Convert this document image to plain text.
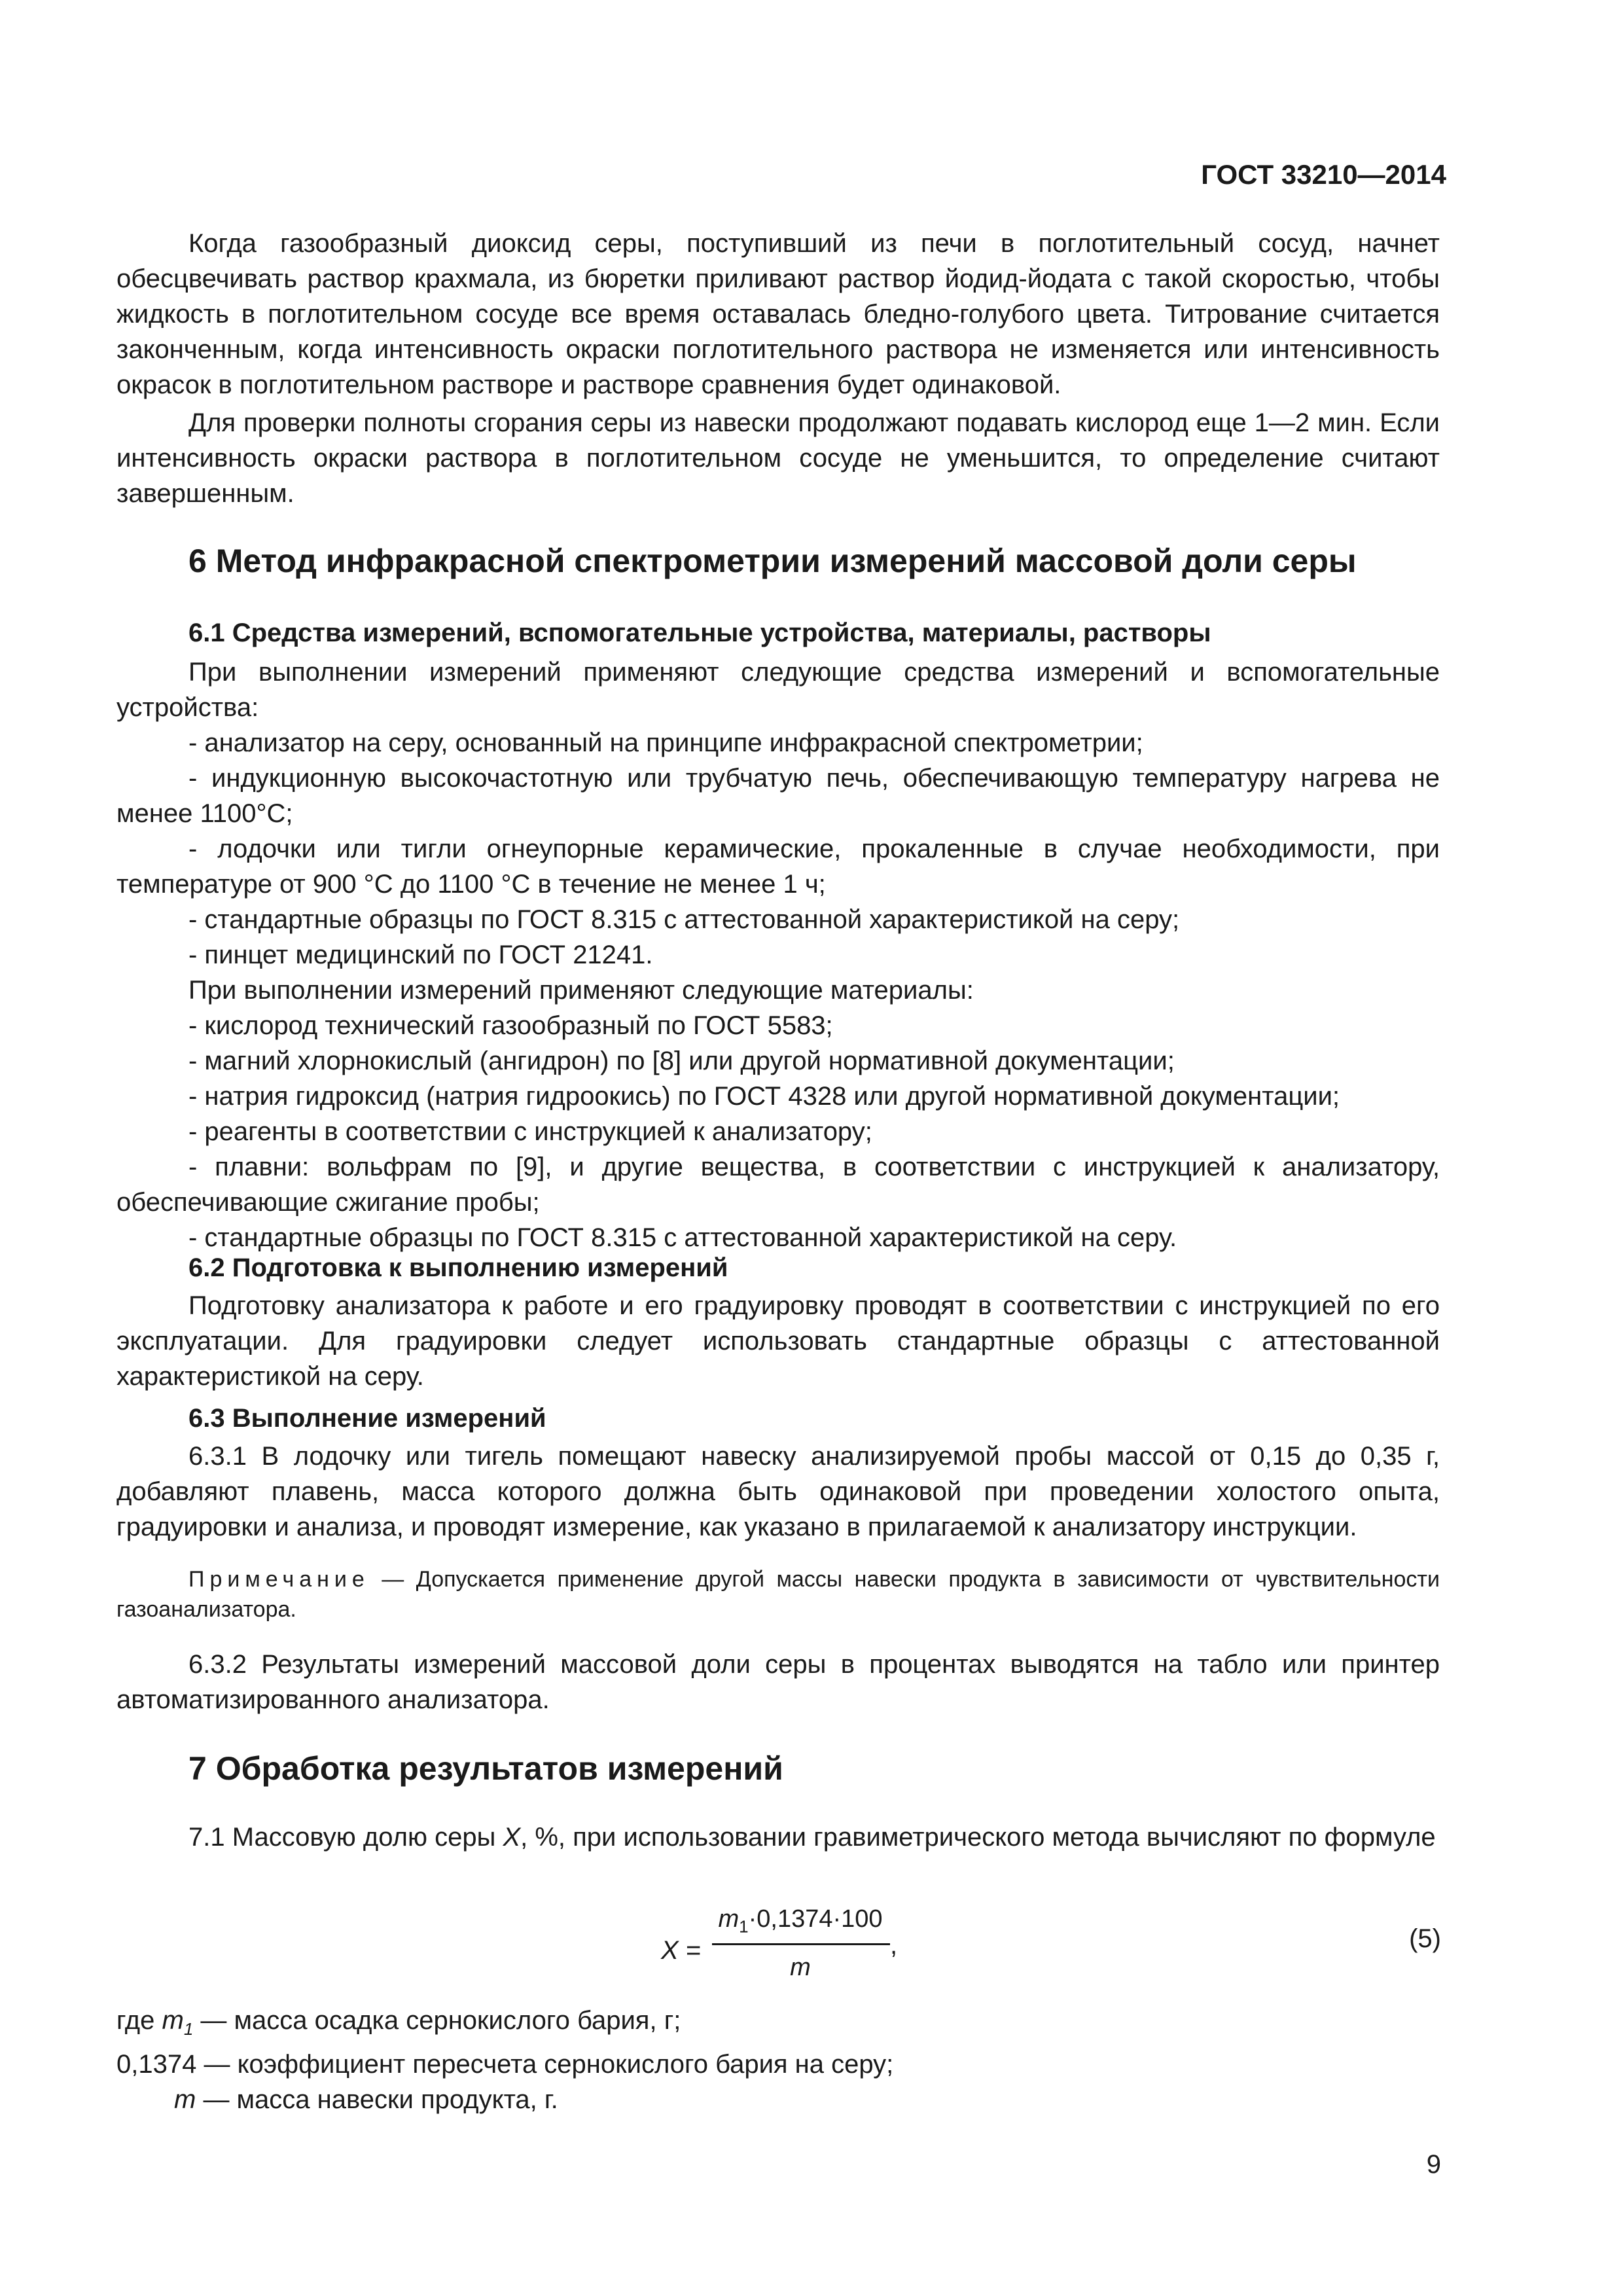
ГОСТ 33210—2014

Когда газообразный диоксид серы, поступивший из печи в поглотительный сосуд, начнет обесцвечивать раствор крахмала, из бюретки приливают раствор йодид-йодата с такой скоростью, чтобы жидкость в поглотительном сосуде все время оставалась бледно-голубого цвета. Титрование считается законченным, когда интенсивность окраски поглотительного раствора не изменяется или интенсивность окрасок в поглотительном растворе и растворе сравнения будет одинаковой.

Для проверки полноты сгорания серы из навески продолжают подавать кислород еще 1—2 мин. Если интенсивность окраски раствора в поглотительном сосуде не уменьшится, то определение считают завершенным.

6 Метод инфракрасной спектрометрии измерений массовой доли серы
6.1 Средства измерений, вспомогательные устройства, материалы, растворы

При выполнении измерений применяют следующие средства измерений и вспомогательные устройства:

- анализатор на серу, основанный на принципе инфракрасной спектрометрии;

- индукционную высокочастотную или трубчатую печь, обеспечивающую температуру нагрева не менее 1100°С;

- лодочки или тигли огнеупорные керамические, прокаленные в случае необходимости, при температуре от 900 °С до 1100 °С в течение не менее 1 ч;

- стандартные образцы по ГОСТ 8.315 с аттестованной характеристикой на серу;

- пинцет медицинский по ГОСТ 21241.

При выполнении измерений применяют следующие материалы:

- кислород технический газообразный по ГОСТ 5583;

- магний хлорнокислый (ангидрон) по [8] или другой нормативной документации;

- натрия гидроксид (натрия гидроокись) по ГОСТ 4328 или другой нормативной документации;

- реагенты в соответствии с инструкцией к анализатору;

- плавни: вольфрам по [9], и другие вещества, в соответствии с инструкцией к анализатору, обеспечивающие сжигание пробы;

- стандартные образцы по ГОСТ 8.315 с аттестованной характеристикой на серу.

6.2 Подготовка к выполнению измерений

Подготовку анализатора к работе и его градуировку проводят в соответствии с инструкцией по его эксплуатации. Для градуировки следует использовать стандартные образцы с аттестованной характеристикой на серу.

6.3 Выполнение измерений

6.3.1 В лодочку или тигель помещают навеску анализируемой пробы массой от 0,15 до 0,35 г, добавляют плавень, масса которого должна быть одинаковой при проведении холостого опыта, градуировки и анализа, и проводят измерение, как указано в прилагаемой к анализатору инструкции.

Примечание — Допускается применение другой массы навески продукта в зависимости от чувствительности газоанализатора.

6.3.2 Результаты измерений массовой доли серы в процентах выводятся на табло или принтер автоматизированного анализатора.

7 Обработка результатов измерений

7.1 Массовую долю серы X, %, при использовании гравиметрического метода вычисляют по формуле

X =
$m_1\cdot 0,1374\cdot 100$
m
,	(5)

где $m_1$ — масса осадка сернокислого бария, г;

0,1374 — коэффициент пересчета сернокислого бария на серу;

m — масса навески продукта, г.

9
